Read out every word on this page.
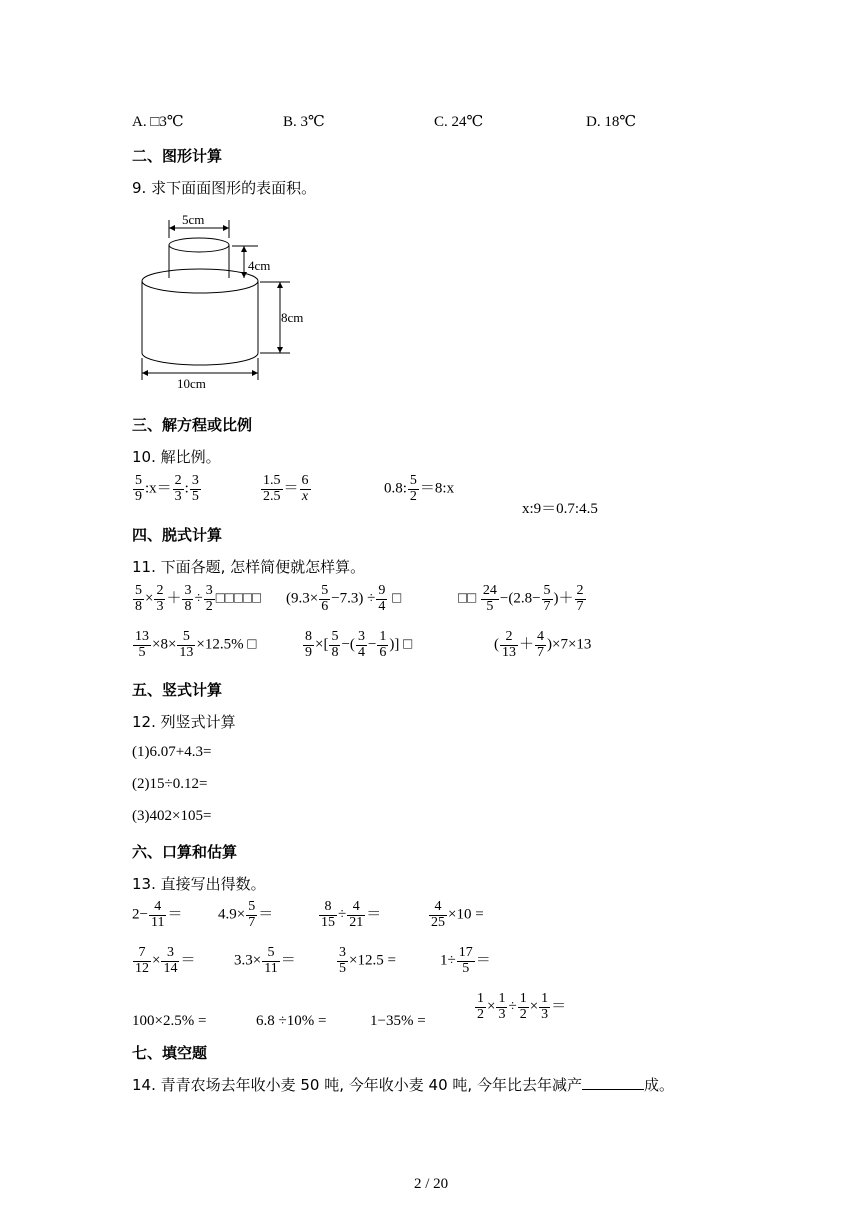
A. □3℃	B. 3℃	C. 24℃	D. 18℃
二、图形计算
9. 求下面面图形的表面积。
5cm
4cm
8cm
10cm
三、解方程或比例
10. 解比例。
$\frac{5}{9}$ :x＝ $\frac{2}{3}$ : $\frac{3}{5}$	$\frac{1.5}{2.5} = \frac{6}{x}$	0.8: $\frac{5}{2}$ ＝8:x
x:9＝0.7:4.5
四、脱式计算
11. 下面各题, 怎样简便就怎样算。
$\frac{5}{8} \times \frac{2}{3} + \frac{3}{8} \div \frac{3}{2}$ □□□□□ $(9.3\times \frac{5}{6} -7.3) \div \frac{9}{4}$ □	□□ $\frac{24}{5} -(2.8- \frac{5}{7}$ )＋ $\frac{2}{7}$
$\frac{13}{5} \times 8\times \frac{5}{13} \times 12.5\%$ □	$\frac{8}{9}$ ×[ $\frac{5}{8}$ −( $\frac{3}{4} - \frac{1}{6}$ )] □	( $\frac{2}{13} + \frac{4}{7} )\times 7\times 13$
五、竖式计算
12. 列竖式计算
(1)6.07+4.3=
(2)15÷0.12=
(3)402×105=
六、口算和估算
13. 直接写出得数。
$2- \frac{4}{11} = 4.9\times \frac{5}{7}$ ＝	$\frac{8}{15} \div \frac{4}{21}$ ＝	$\frac{4}{25} \times 10$ =
$\frac{7}{12} \times \frac{3}{14}$ ＝	$3.3\times \frac{5}{11}$ ＝	$\frac{3}{5} \times 12.5$ =	$1\div \frac{17}{5}$ ＝
100×2.5% =	6.8 ÷10% =	1−35% =	$\frac{1}{2} \times \frac{1}{3} \div \frac{1}{2} \times \frac{1}{3}$ ＝
七、填空题
14. 青青农场去年收小麦 50 吨, 今年收小麦 40 吨, 今年比去年减产	成。
2 / 20
